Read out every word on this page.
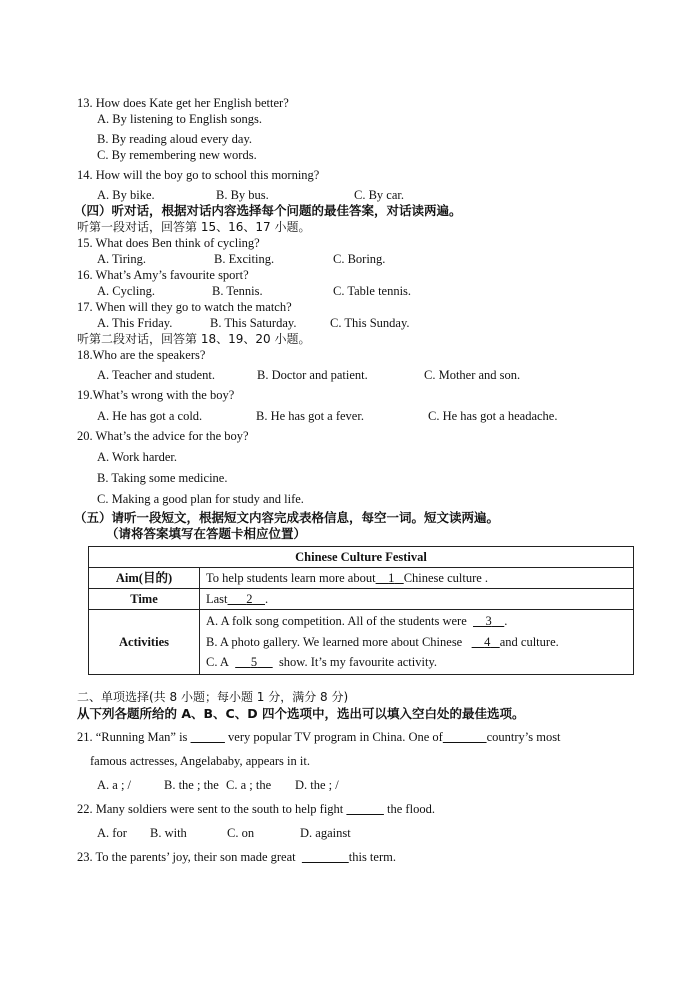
13. How does Kate get her English better?
A. By listening to English songs.
B. By reading aloud every day.
C. By remembering new words.
14. How will the boy go to school this morning?
A. By bike.	B. By bus.	C. By car.
（四）听对话，根据对话内容选择每个问题的最佳答案，对话读两遍。
听第一段对话，回答第 15、16、17 小题。
15. What does Ben think of cycling?
A. Tiring.	B. Exciting.	C. Boring.
16. What’s Amy’s favourite sport?
A. Cycling.	B. Tennis.	C. Table tennis.
17. When will they go to watch the match?
A. This Friday.	B. This Saturday.	C. This Sunday.
听第二段对话，回答第 18、19、20 小题。
18.Who are the speakers?
A. Teacher and student.	B. Doctor and patient.	C. Mother and son.
19.What’s wrong with the boy?
A. He has got a cold.	B. He has got a fever.	C. He has got a headache.
20. What’s the advice for the boy?
A. Work harder.
B. Taking some medicine.
C. Making a good plan for study and life.
（五）请听一段短文，根据短文内容完成表格信息，每空一词。短文读两遍。
（请将答案填写在答题卡相应位置）
Chinese Culture Festival	
Aim(目的)	To help students learn more about 1 Chinese culture .
Time	Last 2 .
Activities	A. A folk song competition. All of the students were 3 .
B. A photo gallery. We learned more about Chinese 4 and culture.
C. A 5 show. It’s my favourite activity.
二、单项选择(共 8 小题；每小题 1 分，满分 8 分)
从下列各题所给的 A、B、C、D 四个选项中，选出可以填入空白处的最佳选项。
21. “Running Man” is	very popular TV program in China. One of	country’s most
famous actresses, Angelababy, appears in it.
A. a ; /	B. the ; the C. a ; the D. the ; /
22. Many soldiers were sent to the south to help fight	the flood.
A. for B. with	C. on	D. against
23. To the parents’ joy, their son made great	this term.
